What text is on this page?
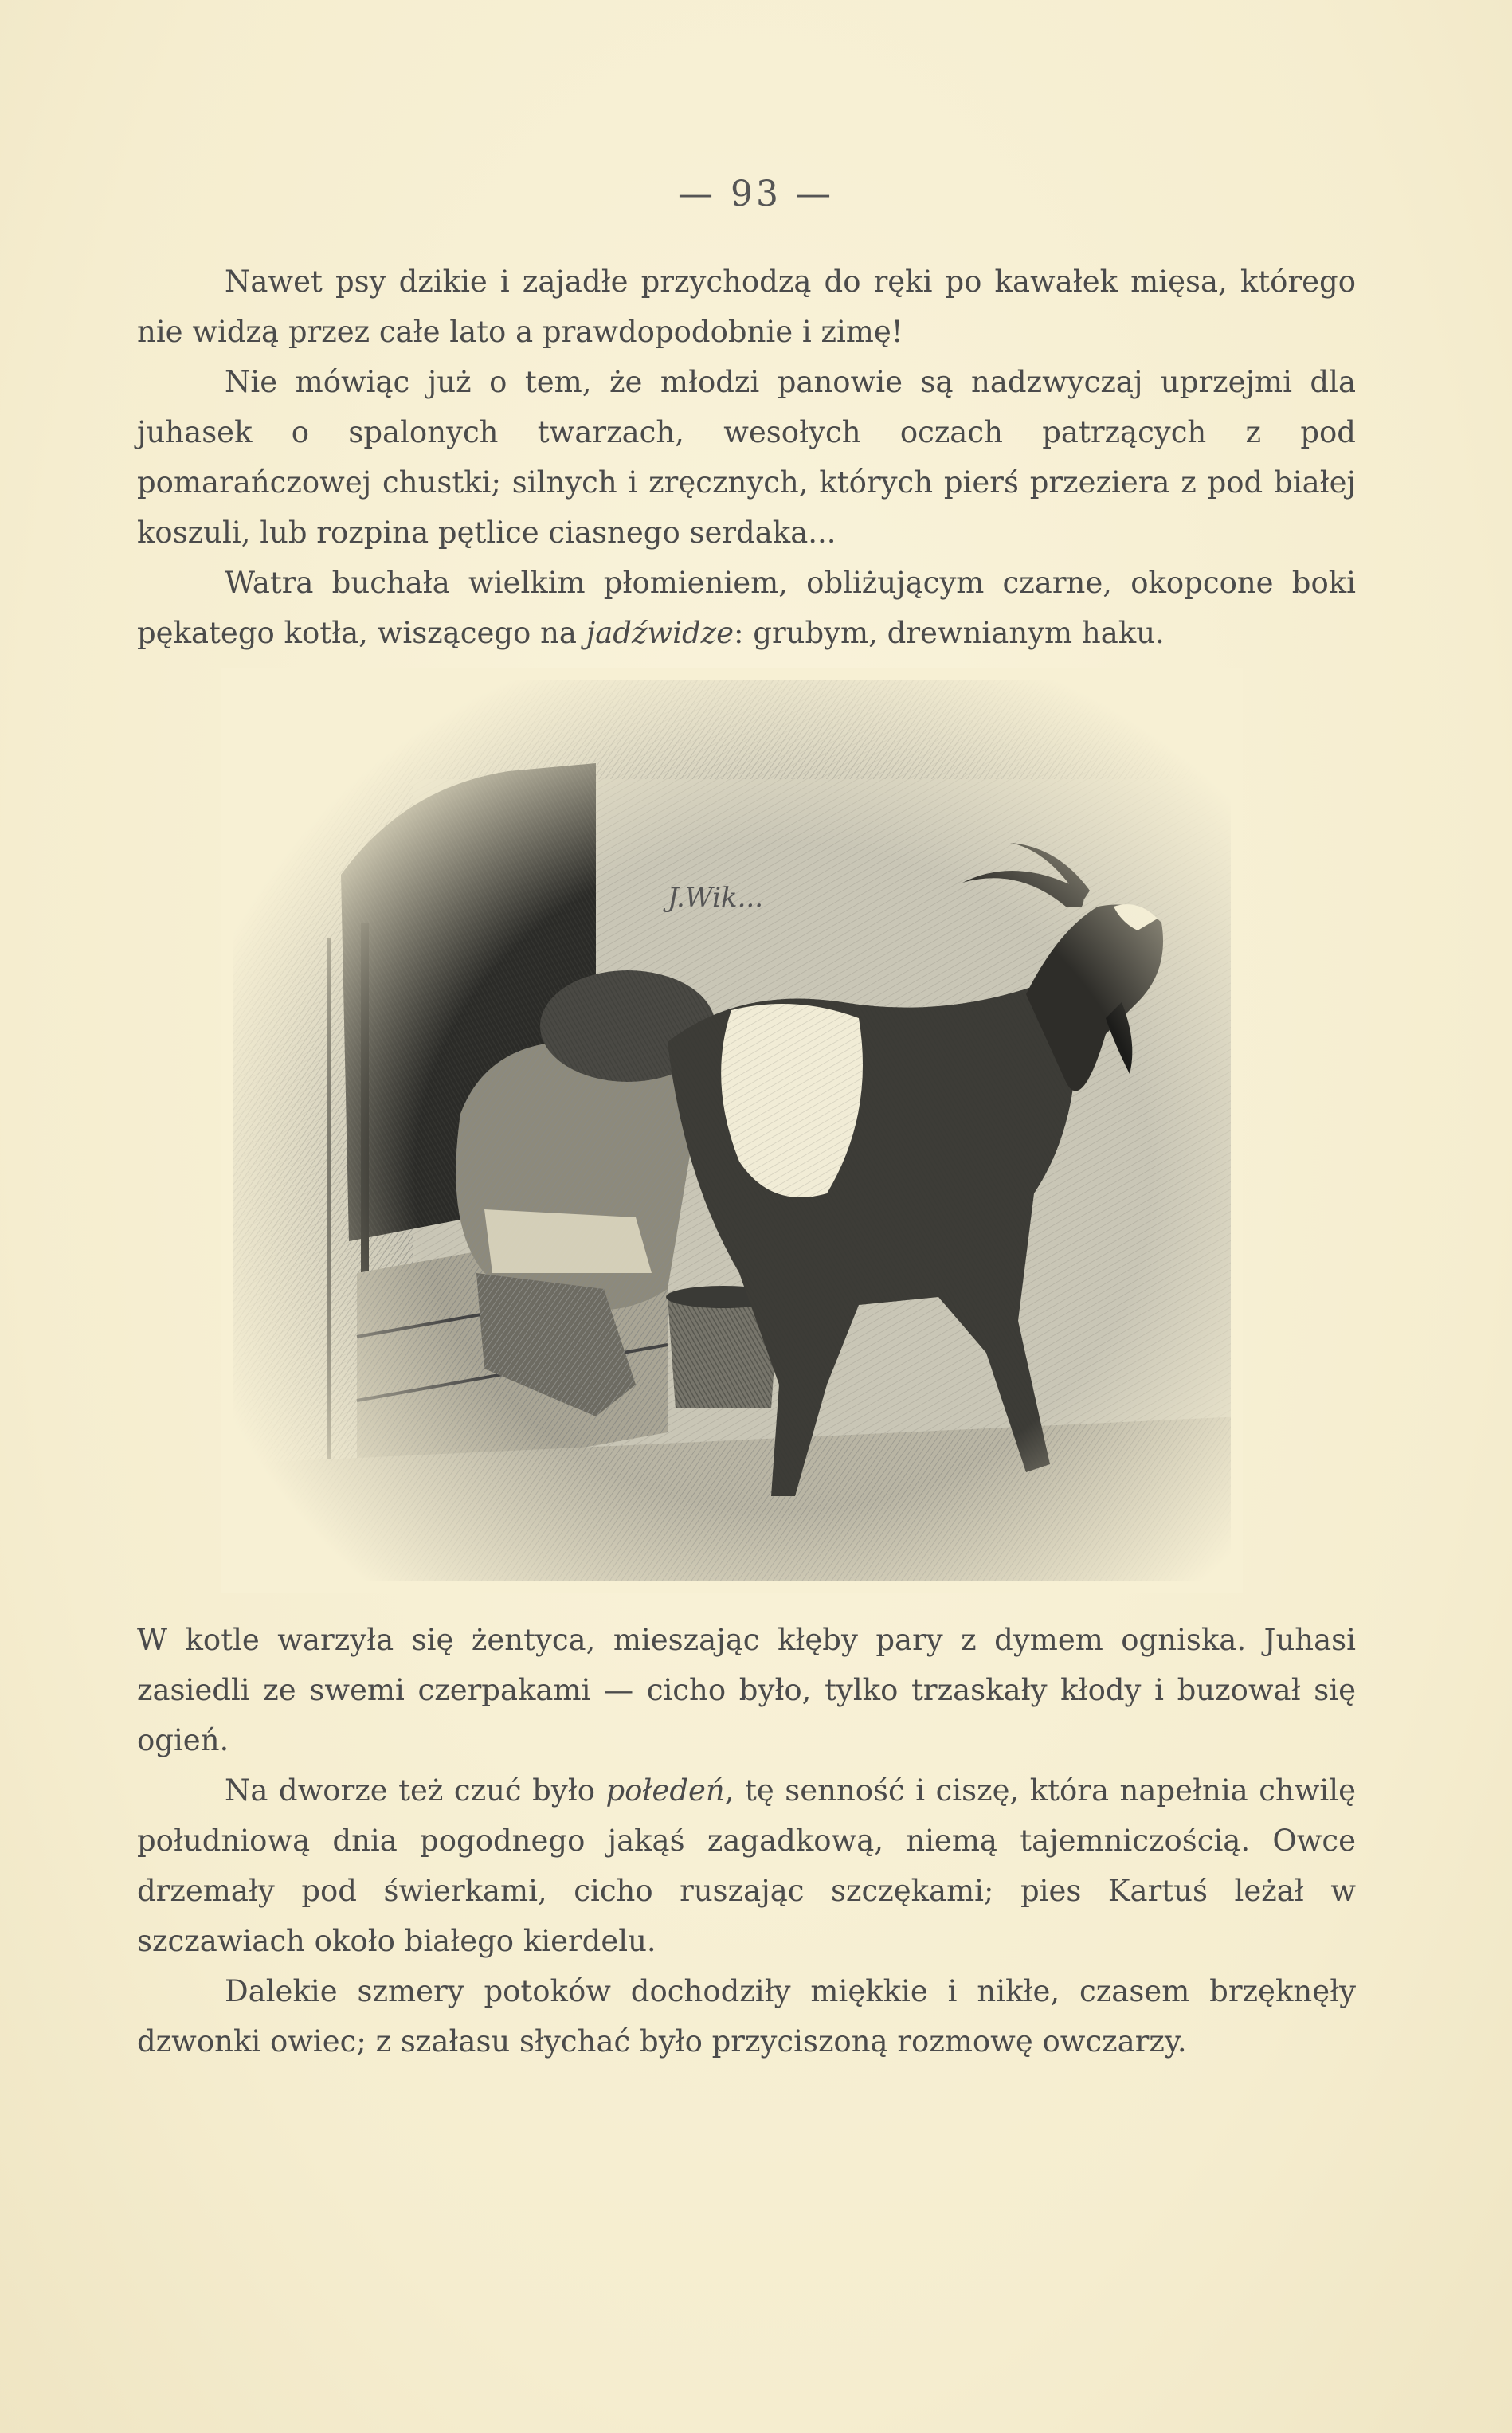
— 93 —

Nawet psy dzikie i zajadłe przychodzą do ręki po kawałek mięsa, którego nie widzą przez całe lato a prawdopodobnie i zimę!

Nie mówiąc już o tem, że młodzi panowie są nadzwyczaj uprzejmi dla juhasek o spalonych twarzach, wesołych oczach patrzących z pod pomarańczowej chustki; silnych i zręcznych, których pierś przeziera z pod białej koszuli, lub rozpina pętlice ciasnego serdaka...

Watra buchała wielkim płomieniem, obliżującym czarne, okopcone boki pękatego kotła, wiszącego na jadźwidze: grubym, drewnianym haku.

W kotle warzyła się żentyca, mieszając kłęby pary z dymem ogniska. Juhasi zasiedli ze swemi czerpakami — cicho było, tylko trzaskały kłody i buzował się ogień.

Na dworze też czuć było połedeń, tę senność i ciszę, która napełnia chwilę południową dnia pogodnego jakąś zagadkową, niemą tajemniczością. Owce drzemały pod świerkami, cicho ruszając szczękami; pies Kartuś leżał w szczawiach około białego kierdelu.

Dalekie szmery potoków dochodziły miękkie i nikłe, czasem brzęknęły dzwonki owiec; z szałasu słychać było przyciszoną rozmowę owczarzy.
